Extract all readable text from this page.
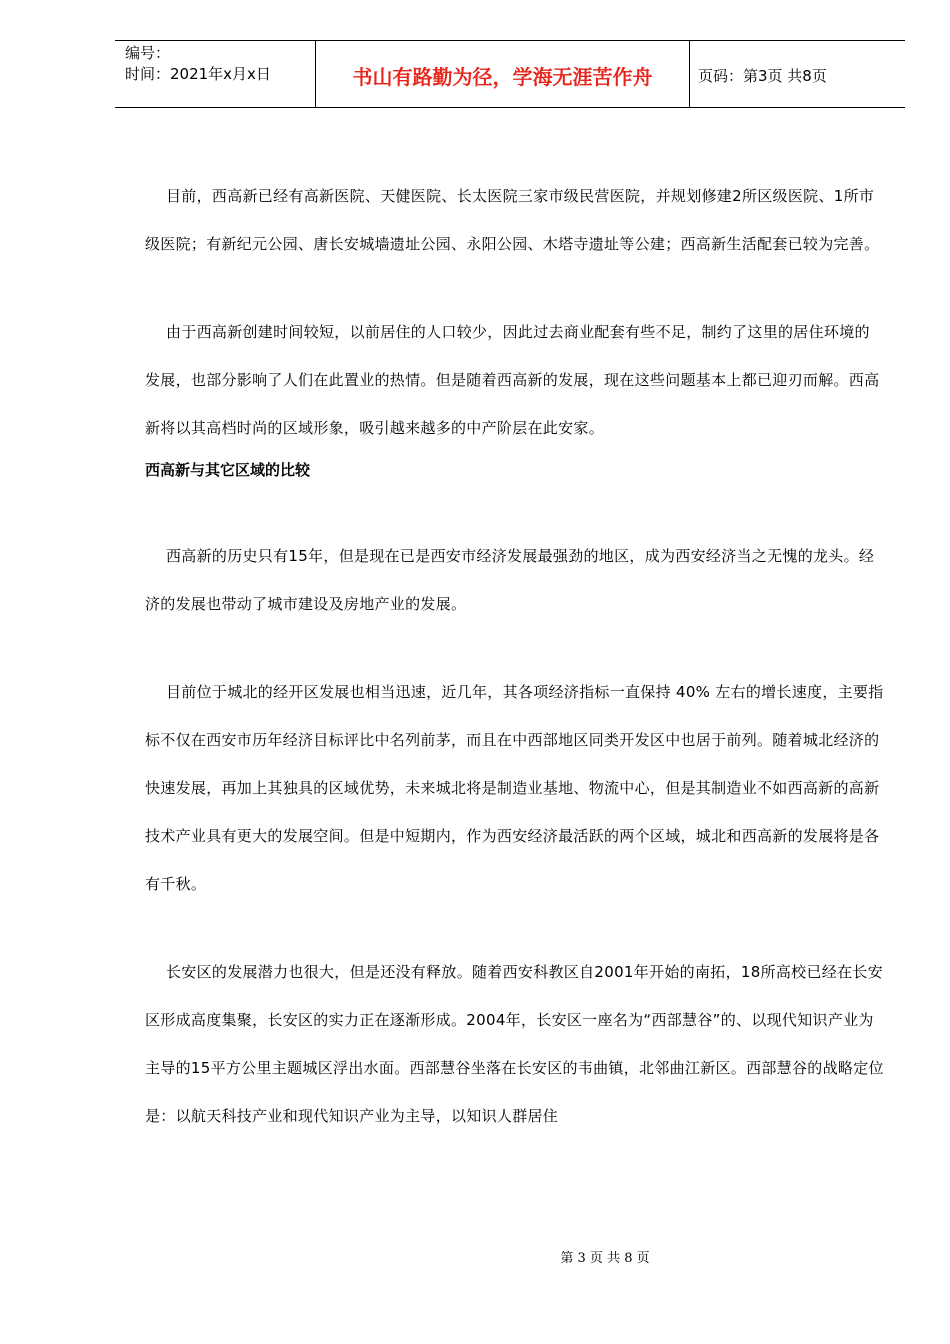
编号：
时间：2021年x月x日	书山有路勤为径，学海无涯苦作舟	页码：第3页 共8页

目前，西高新已经有高新医院、天健医院、长太医院三家市级民营医院，并规划修建2所区级医院、1所市级医院；有新纪元公园、唐长安城墙遗址公园、永阳公园、木塔寺遗址等公建；西高新生活配套已较为完善。

由于西高新创建时间较短，以前居住的人口较少，因此过去商业配套有些不足，制约了这里的居住环境的发展，也部分影响了人们在此置业的热情。但是随着西高新的发展，现在这些问题基本上都已迎刃而解。西高新将以其高档时尚的区域形象，吸引越来越多的中产阶层在此安家。

西高新与其它区域的比较

西高新的历史只有15年，但是现在已是西安市经济发展最强劲的地区，成为西安经济当之无愧的龙头。经济的发展也带动了城市建设及房地产业的发展。

目前位于城北的经开区发展也相当迅速，近几年，其各项经济指标一直保持 40% 左右的增长速度，主要指标不仅在西安市历年经济目标评比中名列前茅，而且在中西部地区同类开发区中也居于前列。随着城北经济的快速发展，再加上其独具的区域优势，未来城北将是制造业基地、物流中心，但是其制造业不如西高新的高新技术产业具有更大的发展空间。但是中短期内，作为西安经济最活跃的两个区域，城北和西高新的发展将是各有千秋。

长安区的发展潜力也很大，但是还没有释放。随着西安科教区自2001年开始的南拓，18所高校已经在长安区形成高度集聚，长安区的实力正在逐渐形成。2004年，长安区一座名为“西部慧谷”的、以现代知识产业为主导的15平方公里主题城区浮出水面。西部慧谷坐落在长安区的韦曲镇，北邻曲江新区。西部慧谷的战略定位是：以航天科技产业和现代知识产业为主导，以知识人群居住

第 3 页 共 8 页
